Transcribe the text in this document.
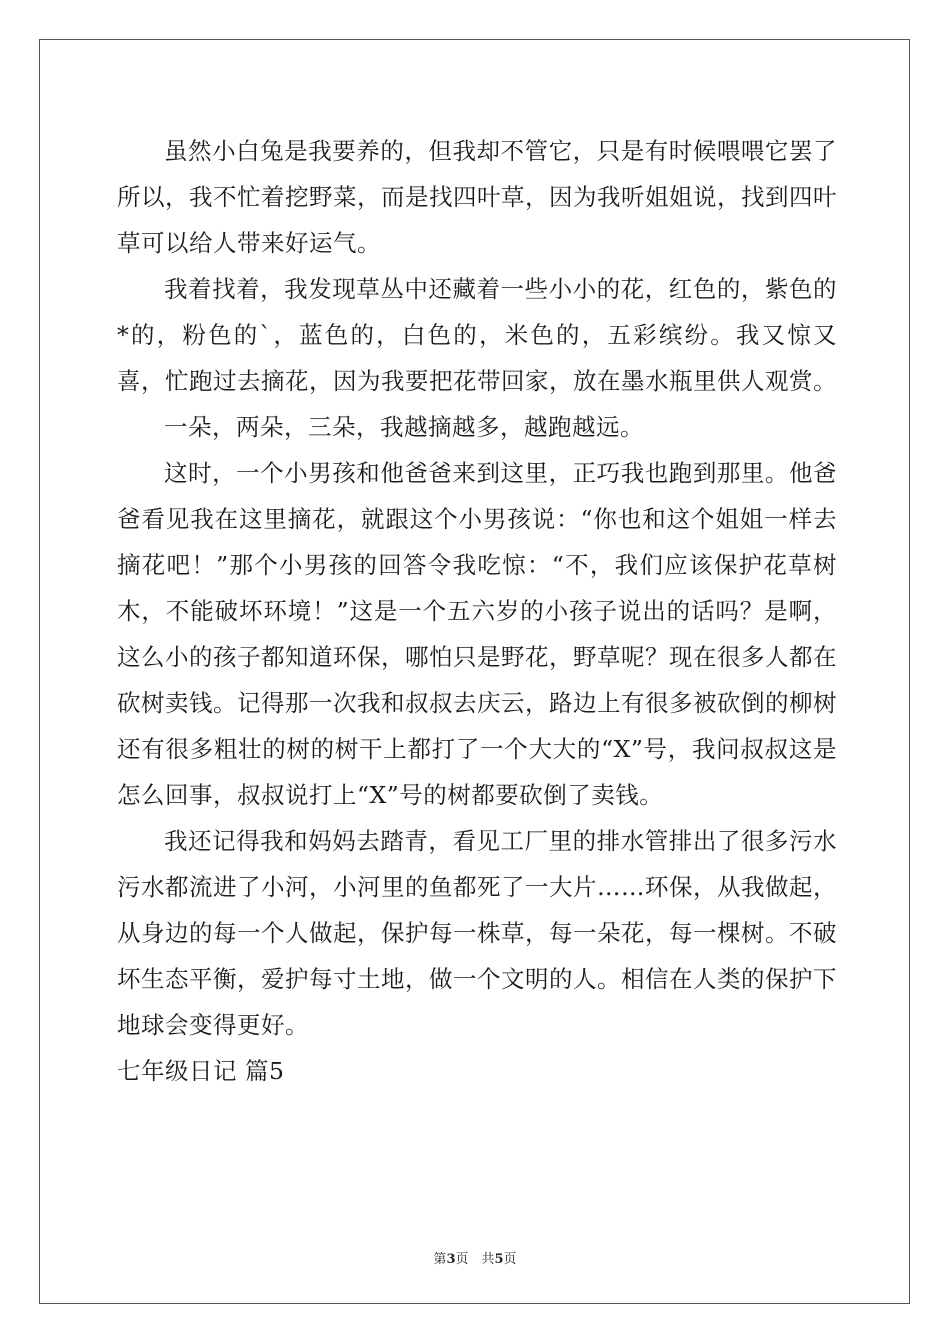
虽然小白兔是我要养的，但我却不管它，只是有时候喂喂它罢了所以，我不忙着挖野菜，而是找四叶草，因为我听姐姐说，找到四叶草可以给人带来好运气。

我着找着，我发现草丛中还藏着一些小小的花，红色的，紫色的*的，粉色的`，蓝色的，白色的，米色的，五彩缤纷。我又惊又喜，忙跑过去摘花，因为我要把花带回家，放在墨水瓶里供人观赏。

一朵，两朵，三朵，我越摘越多，越跑越远。

这时，一个小男孩和他爸爸来到这里，正巧我也跑到那里。他爸爸看见我在这里摘花，就跟这个小男孩说：“你也和这个姐姐一样去摘花吧！”那个小男孩的回答令我吃惊：“不，我们应该保护花草树木，不能破坏环境！”这是一个五六岁的小孩子说出的话吗？是啊，这么小的孩子都知道环保，哪怕只是野花，野草呢？现在很多人都在砍树卖钱。记得那一次我和叔叔去庆云，路边上有很多被砍倒的柳树还有很多粗壮的树的树干上都打了一个大大的“X”号，我问叔叔这是怎么回事，叔叔说打上“X”号的树都要砍倒了卖钱。

我还记得我和妈妈去踏青，看见工厂里的排水管排出了很多污水污水都流进了小河，小河里的鱼都死了一大片……环保，从我做起，从身边的每一个人做起，保护每一株草，每一朵花，每一棵树。不破坏生态平衡，爱护每寸土地，做一个文明的人。相信在人类的保护下地球会变得更好。

七年级日记 篇5

第3页　共5页
